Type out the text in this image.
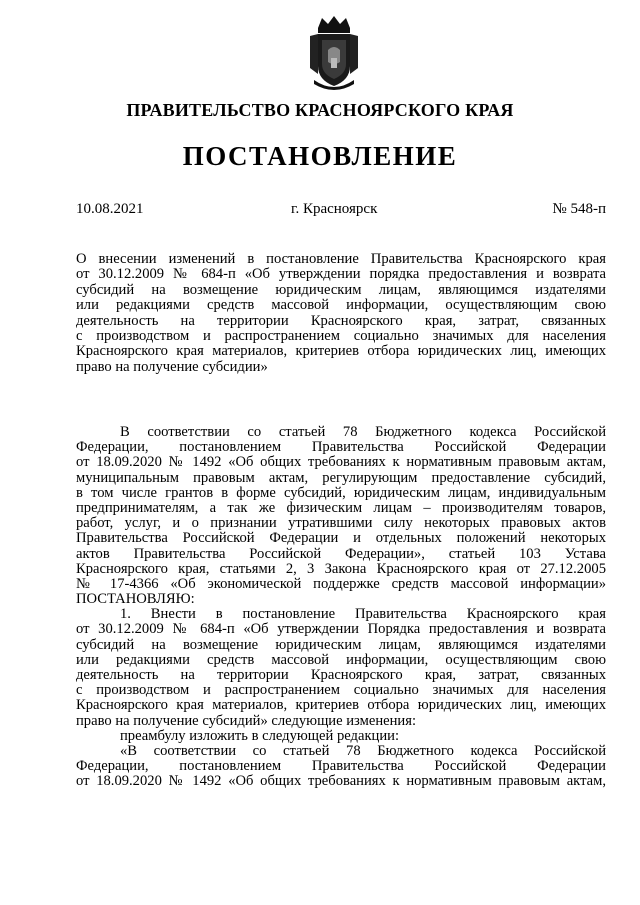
ПРАВИТЕЛЬСТВО КРАСНОЯРСКОГО КРАЯ
ПОСТАНОВЛЕНИЕ
10.08.2021	г. Красноярск	№ 548-п
О внесении изменений в постановление Правительства Красноярского края
от 30.12.2009 № 684-п «Об утверждении порядка предоставления и возврата
субсидий на возмещение юридическим лицам, являющимся издателями
или редакциями средств массовой информации, осуществляющим свою
деятельность на территории Красноярского края, затрат, связанных
с производством и распространением социально значимых для населения
Красноярского края материалов, критериев отбора юридических лиц, имеющих
право на получение субсидии»
В соответствии со статьей 78 Бюджетного кодекса Российской
Федерации, постановлением Правительства Российской Федерации
от 18.09.2020 № 1492 «Об общих требованиях к нормативным правовым актам,
муниципальным правовым актам, регулирующим предоставление субсидий,
в том числе грантов в форме субсидий, юридическим лицам, индивидуальным
предпринимателям, а так же физическим лицам – производителям товаров,
работ, услуг, и о признании утратившими силу некоторых правовых актов
Правительства Российской Федерации и отдельных положений некоторых
актов Правительства Российской Федерации», статьей 103 Устава
Красноярского края, статьями 2, 3 Закона Красноярского края от 27.12.2005
№ 17-4366 «Об экономической поддержке средств массовой информации»
ПОСТАНОВЛЯЮ:
1. Внести в постановление Правительства Красноярского края
от 30.12.2009 № 684-п «Об утверждении Порядка предоставления и возврата
субсидий на возмещение юридическим лицам, являющимся издателями
или редакциями средств массовой информации, осуществляющим свою
деятельность на территории Красноярского края, затрат, связанных
с производством и распространением социально значимых для населения
Красноярского края материалов, критериев отбора юридических лиц, имеющих
право на получение субсидий» следующие изменения:
преамбулу изложить в следующей редакции:
«В соответствии со статьей 78 Бюджетного кодекса Российской
Федерации, постановлением Правительства Российской Федерации
от 18.09.2020 № 1492 «Об общих требованиях к нормативным правовым актам,
